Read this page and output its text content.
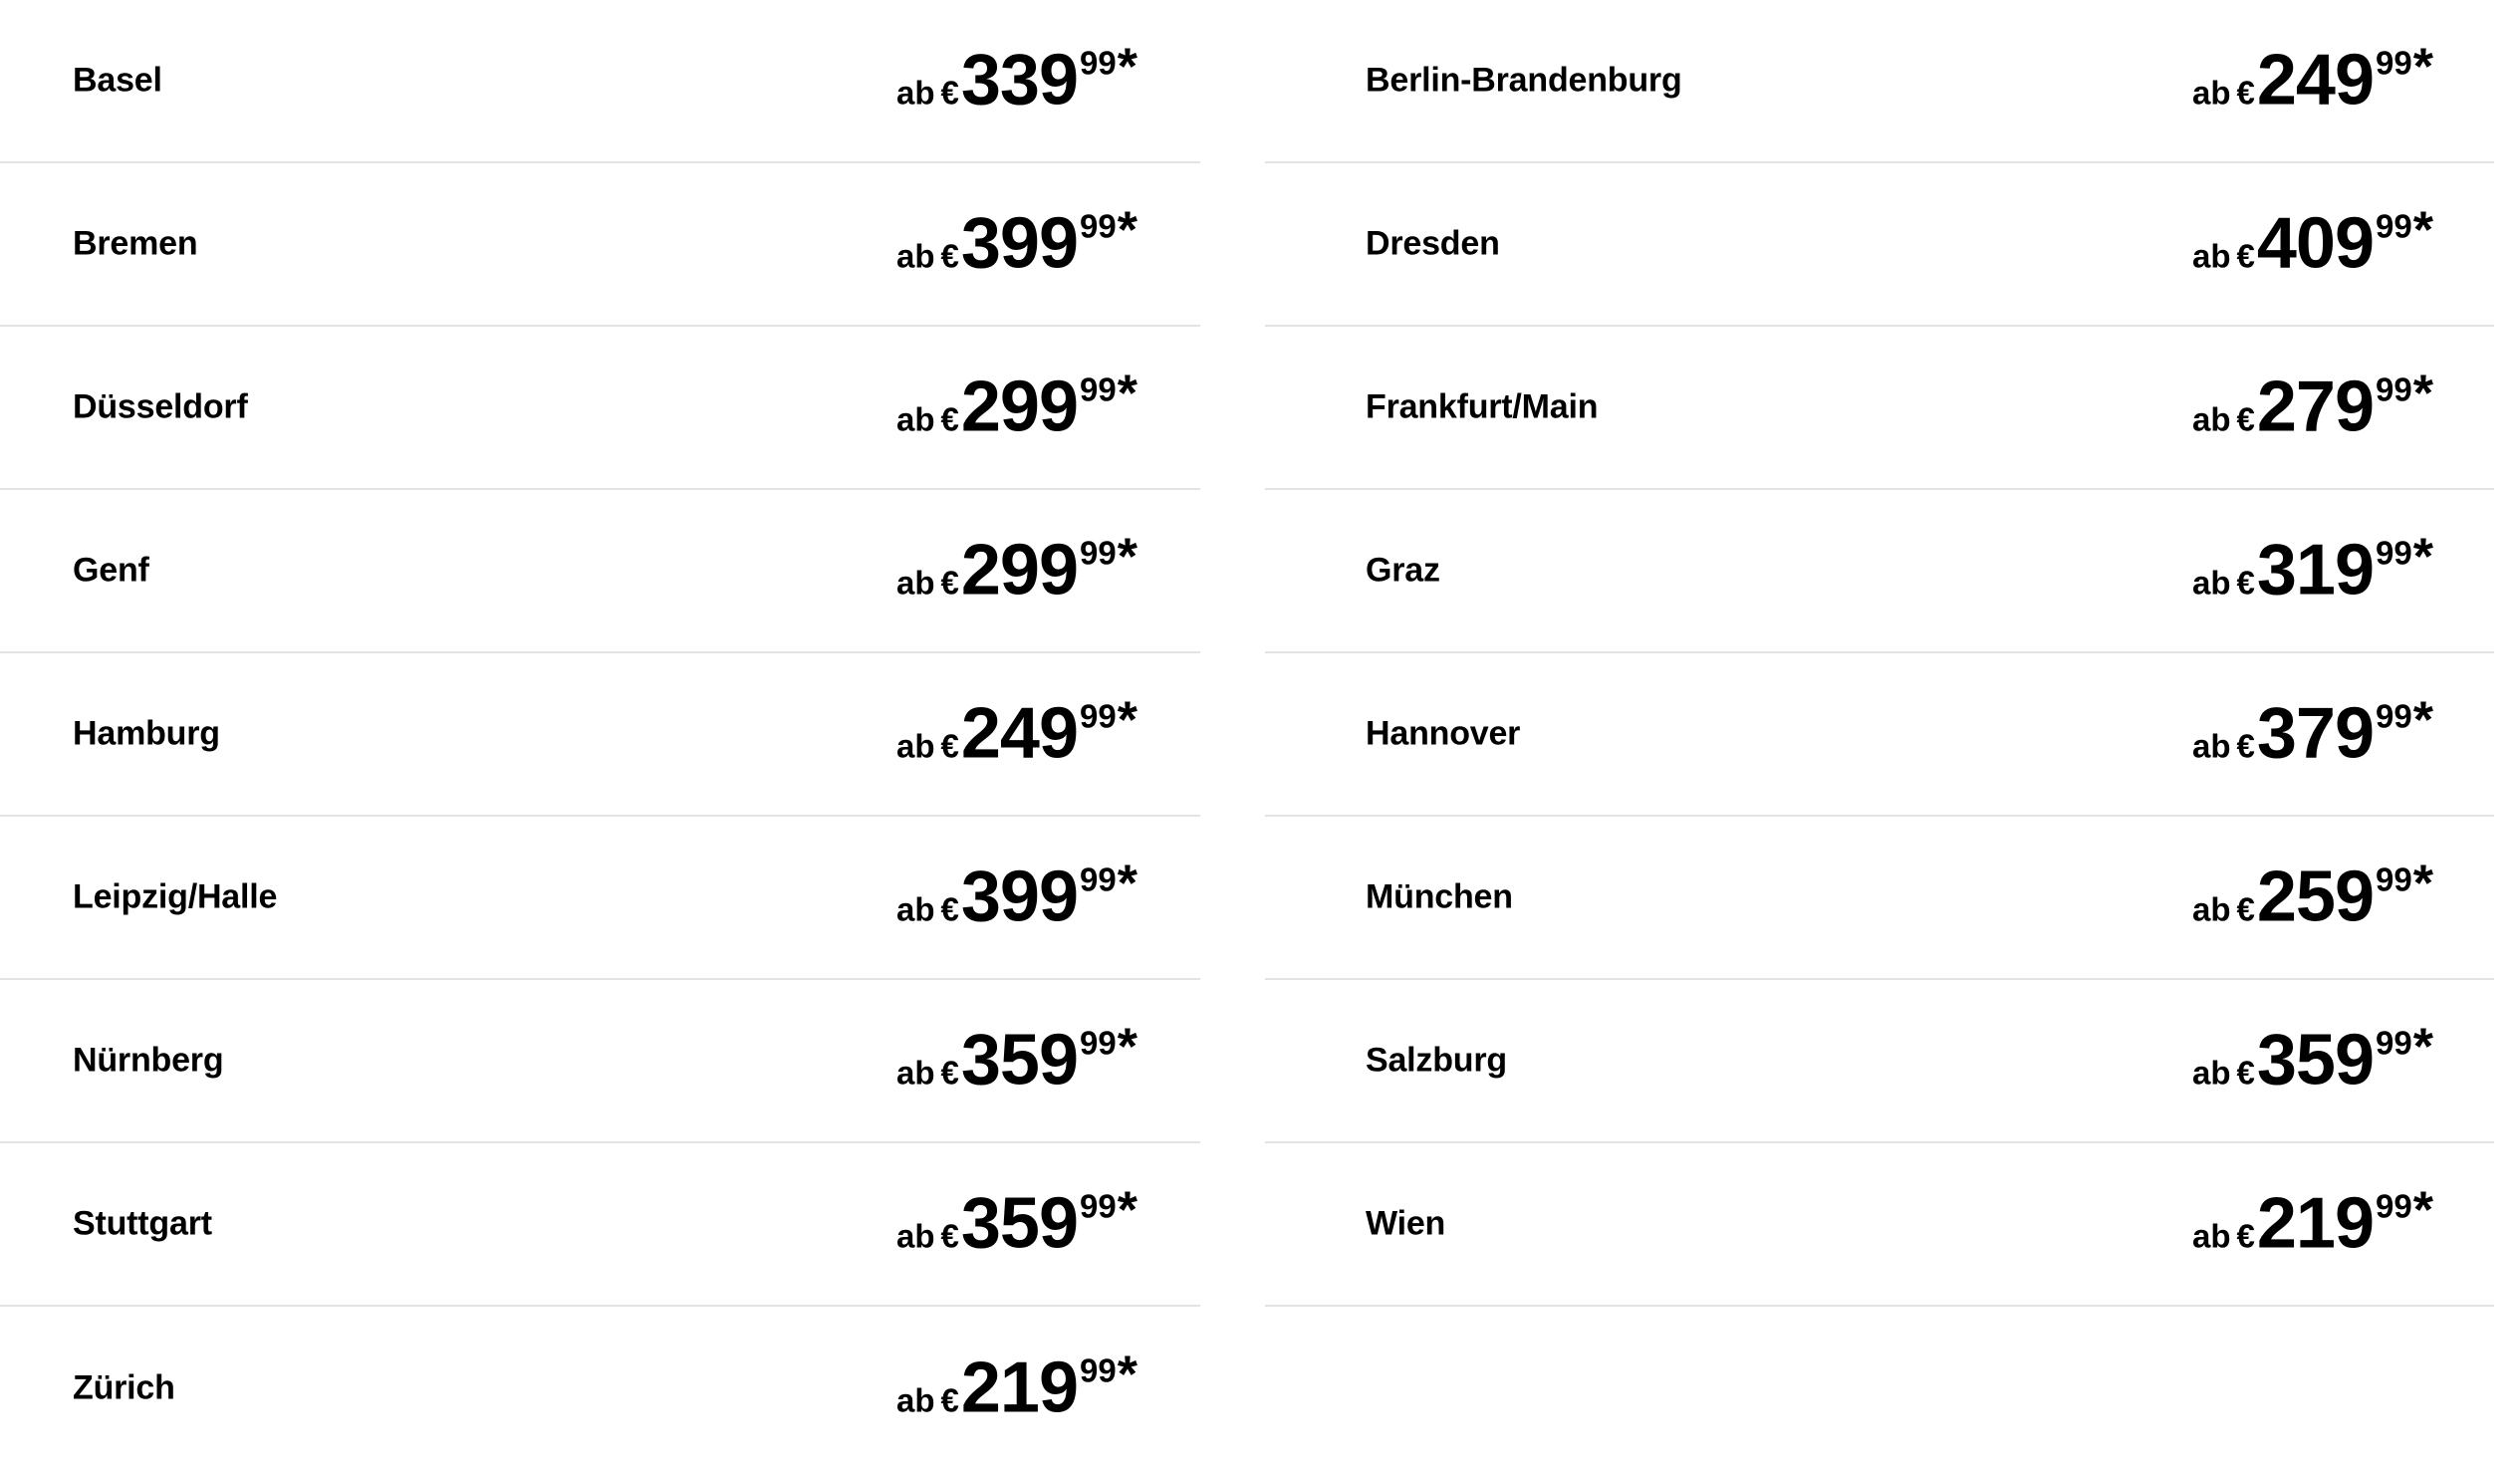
Basel	ab € 339 99 *
Bremen	ab € 399 99 *
Düsseldorf	ab € 299 99 *
Genf	ab € 299 99 *
Hamburg	ab € 249 99 *
Leipzig/Halle	ab € 399 99 *
Nürnberg	ab € 359 99 *
Stuttgart	ab € 359 99 *
Zürich	ab € 219 99 *
Berlin-Brandenburg	ab € 249 99 *
Dresden	ab € 409 99 *
Frankfurt/Main	ab € 279 99 *
Graz	ab € 319 99 *
Hannover	ab € 379 99 *
München	ab € 259 99 *
Salzburg	ab € 359 99 *
Wien	ab € 219 99 *
